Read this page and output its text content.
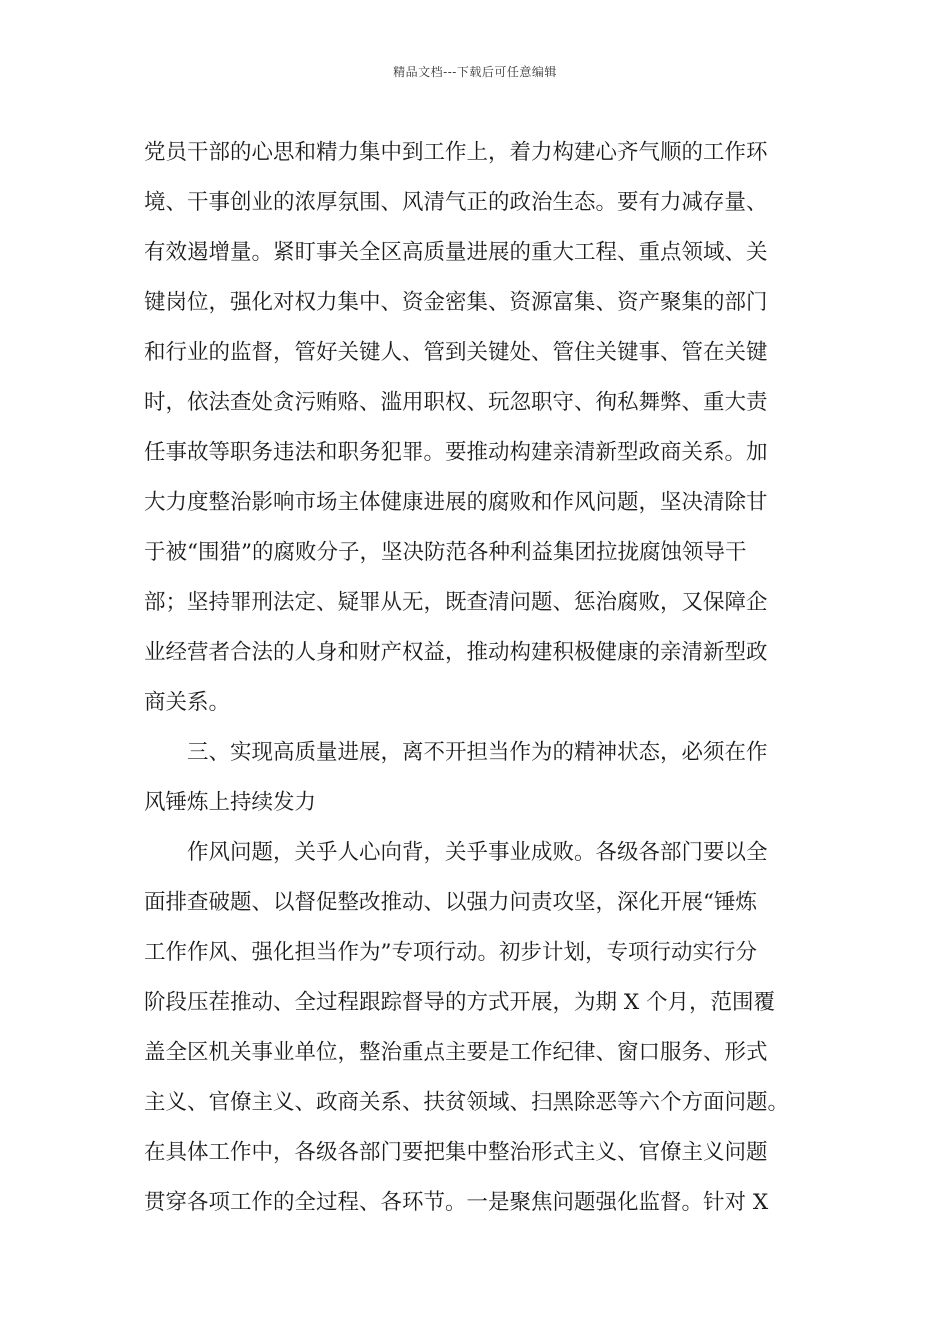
精品文档---下载后可任意编辑
党员干部的心思和精力集中到工作上，着力构建心齐气顺的工作环
境、干事创业的浓厚氛围、风清气正的政治生态。要有力减存量、
有效遏增量。紧盯事关全区高质量进展的重大工程、重点领域、关
键岗位，强化对权力集中、资金密集、资源富集、资产聚集的部门
和行业的监督，管好关键人、管到关键处、管住关键事、管在关键
时，依法查处贪污贿赂、滥用职权、玩忽职守、徇私舞弊、重大责
任事故等职务违法和职务犯罪。要推动构建亲清新型政商关系。加
大力度整治影响市场主体健康进展的腐败和作风问题，坚决清除甘
于被“围猎”的腐败分子，坚决防范各种利益集团拉拢腐蚀领导干
部；坚持罪刑法定、疑罪从无，既查清问题、惩治腐败，又保障企
业经营者合法的人身和财产权益，推动构建积极健康的亲清新型政
商关系。
三、实现高质量进展，离不开担当作为的精神状态，必须在作
风锤炼上持续发力
作风问题，关乎人心向背，关乎事业成败。各级各部门要以全
面排查破题、以督促整改推动、以强力问责攻坚，深化开展“锤炼
工作作风、强化担当作为”专项行动。初步计划，专项行动实行分
阶段压茬推动、全过程跟踪督导的方式开展，为期 X 个月，范围覆
盖全区机关事业单位，整治重点主要是工作纪律、窗口服务、形式
主义、官僚主义、政商关系、扶贫领域、扫黑除恶等六个方面问题。
在具体工作中，各级各部门要把集中整治形式主义、官僚主义问题
贯穿各项工作的全过程、各环节。一是聚焦问题强化监督。针对 X
